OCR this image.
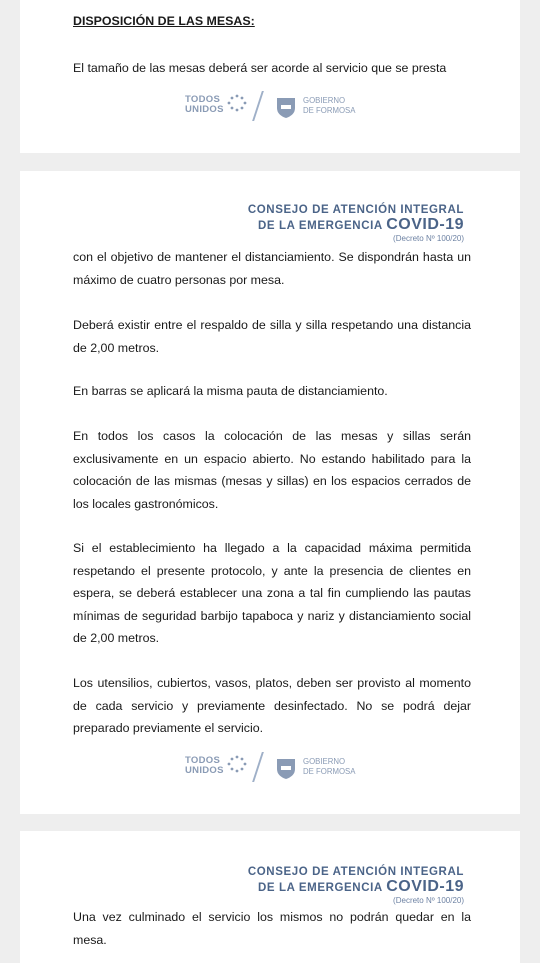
DISPOSICIÓN DE LAS MESAS:
El tamaño de las mesas deberá ser acorde al servicio que se presta
TODOS
UNIDOS
GOBIERNO
DE FORMOSA
CONSEJO DE ATENCIÓN INTEGRAL
DE LA EMERGENCIA COVID-19
(Decreto Nº 100/20)
con el objetivo de mantener el distanciamiento. Se dispondrán hasta un máximo de cuatro personas por mesa.
Deberá existir entre el respaldo de silla y silla respetando una distancia de 2,00 metros.
En barras se aplicará la misma pauta de distanciamiento.
En todos los casos la colocación de las mesas y sillas serán exclusivamente en un espacio abierto. No estando habilitado para la colocación de las mismas (mesas y sillas) en los espacios cerrados de los locales gastronómicos.
Si el establecimiento ha llegado a la capacidad máxima permitida respetando el presente protocolo, y ante la presencia de clientes en espera, se deberá establecer una zona a tal fin cumpliendo las pautas mínimas de seguridad barbijo tapaboca y nariz y distanciamiento social de 2,00 metros.
Los utensilios, cubiertos, vasos, platos, deben ser provisto al momento de cada servicio y previamente desinfectado. No se podrá dejar preparado previamente el servicio.
TODOS
UNIDOS
GOBIERNO
DE FORMOSA
CONSEJO DE ATENCIÓN INTEGRAL
DE LA EMERGENCIA COVID-19
(Decreto Nº 100/20)
Una vez culminado el servicio los mismos no podrán quedar en la mesa.
